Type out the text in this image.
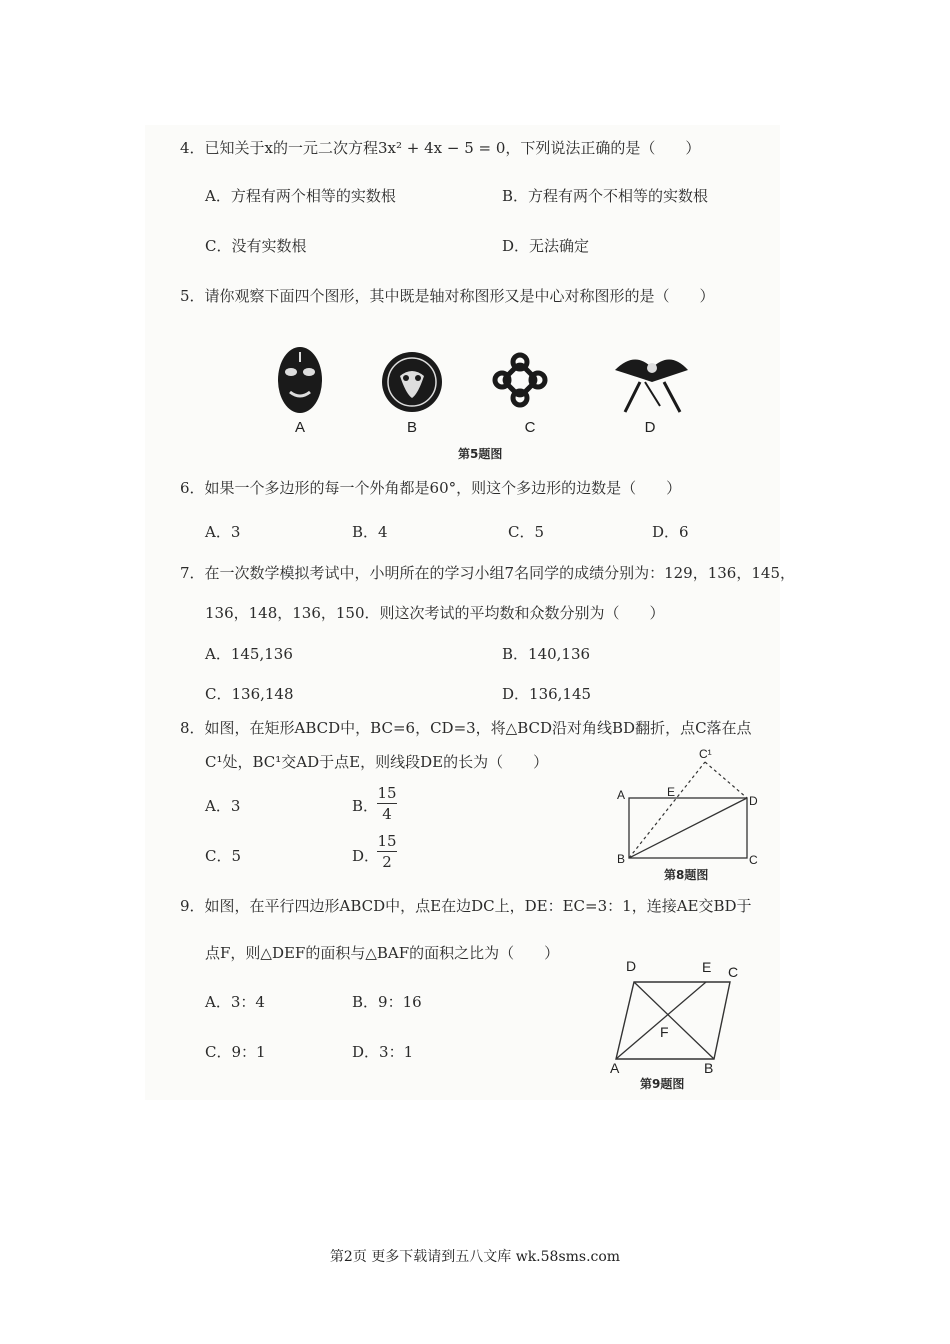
4．已知关于x的一元二次方程3x² + 4x − 5 = 0，下列说法正确的是（　　）
A．方程有两个相等的实数根	B．方程有两个不相等的实数根
C．没有实数根	D．无法确定
5．请你观察下面四个图形，其中既是轴对称图形又是中心对称图形的是（　　）
A	B	C	D
第5题图
6．如果一个多边形的每一个外角都是60°，则这个多边形的边数是（　　）
A．3	B．4	C．5	D．6
7．在一次数学模拟考试中，小明所在的学习小组7名同学的成绩分别为：129，136，145，
136，148，136，150．则这次考试的平均数和众数分别为（　　）
A．145,136	B．140,136
C．136,148	D．136,145
8．如图，在矩形ABCD中，BC=6，CD=3，将△BCD沿对角线BD翻折，点C落在点
C¹处，BC¹交AD于点E，则线段DE的长为（　　）
A．3	B．
15
4
C．5	D．
15
2
A
B	C
D
E
C¹
第8题图
9．如图，在平行四边形ABCD中，点E在边DC上，DE：EC=3：1，连接AE交BD于
点F，则△DEF的面积与△BAF的面积之比为（　　）
A．3：4	B．9：16
C．9：1	D．3：1
D	E C
F
A	B
第9题图
第2页 更多下载请到五八文库 wk.58sms.com
